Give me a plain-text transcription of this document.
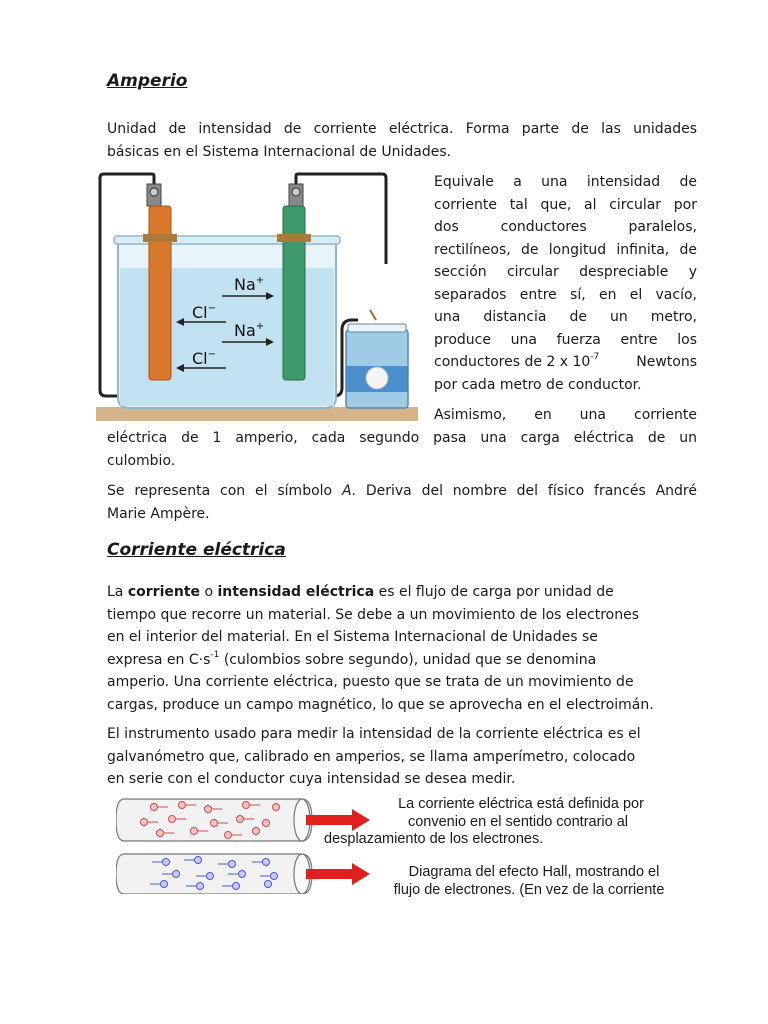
Amperio
Unidad de intensidad de corriente eléctrica. Forma parte de las unidades
básicas en el Sistema Internacional de Unidades.
Na+
Cl−
Na+
Cl−
Equivale a una intensidad de
corriente tal que, al circular por
dos conductores paralelos,
rectilíneos, de longitud infinita, de
sección circular despreciable y
separados entre sí, en el vacío,
una distancia de un metro,
produce una fuerza entre los
conductores de 2 x $10^{-7}$	Newtons
por cada metro de conductor.
Asimismo, en una corriente
eléctrica de 1 amperio, cada segundo pasa una carga eléctrica de un
culombio.
Se representa con el símbolo A. Deriva del nombre del físico francés André
Marie Ampère.
Corriente eléctrica
La corriente o intensidad eléctrica es el flujo de carga por unidad de
tiempo que recorre un material. Se debe a un movimiento de los electrones
en el interior del material. En el Sistema Internacional de Unidades se
expresa en $C\cdot s^{-1}$ (culombios sobre segundo), unidad que se denomina
amperio. Una corriente eléctrica, puesto que se trata de un movimiento de
cargas, produce un campo magnético, lo que se aprovecha en el electroimán.
El instrumento usado para medir la intensidad de la corriente eléctrica es el
galvanómetro que, calibrado en amperios, se llama amperímetro, colocado
en serie con el conductor cuya intensidad se desea medir.
La corriente eléctrica está definida por
convenio en el sentido contrario al
desplazamiento de los electrones.
Diagrama del efecto Hall, mostrando el
flujo de electrones. (En vez de la corriente
